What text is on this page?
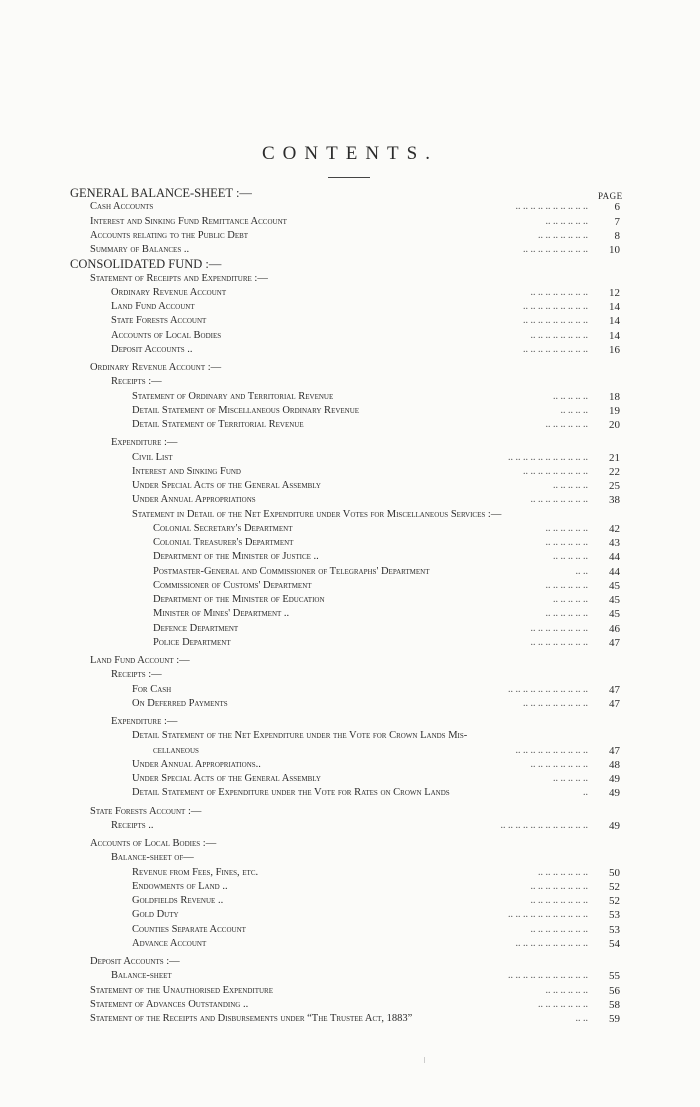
CONTENTS.
PAGE
GENERAL BALANCE-SHEET :—
Cash Accounts	.. .. .. .. .. .. .. .. .. ..	6
Interest and Sinking Fund Remittance Account	.. .. .. .. .. ..	7
Accounts relating to the Public Debt	.. .. .. .. .. .. ..	8
Summary of Balances ..	.. .. .. .. .. .. .. .. ..	10
CONSOLIDATED FUND :—
Statement of Receipts and Expenditure :—
Ordinary Revenue Account	.. .. .. .. .. .. .. ..	12
Land Fund Account	.. .. .. .. .. .. .. .. ..	14
State Forests Account	.. .. .. .. .. .. .. .. ..	14
Accounts of Local Bodies	.. .. .. .. .. .. .. ..	14
Deposit Accounts ..	.. .. .. .. .. .. .. .. ..	16
Ordinary Revenue Account :—
Receipts :—
Statement of Ordinary and Territorial Revenue	.. .. .. .. ..	18
Detail Statement of Miscellaneous Ordinary Revenue	.. .. .. ..	19
Detail Statement of Territorial Revenue	.. .. .. .. .. ..	20
Expenditure :—
Civil List	.. .. .. .. .. .. .. .. .. .. ..	21
Interest and Sinking Fund	.. .. .. .. .. .. .. .. ..	22
Under Special Acts of the General Assembly	.. .. .. .. ..	25
Under Annual Appropriations	.. .. .. .. .. .. .. ..	38
Statement in Detail of the Net Expenditure under Votes for Miscellaneous Services :—
Colonial Secretary's Department	.. .. .. .. .. ..	42
Colonial Treasurer's Department	.. .. .. .. .. ..	43
Department of the Minister of Justice ..	.. .. .. .. ..	44
Postmaster-General and Commissioner of Telegraphs' Department	.. ..	44
Commissioner of Customs' Department	.. .. .. .. .. ..	45
Department of the Minister of Education	.. .. .. .. ..	45
Minister of Mines' Department ..	.. .. .. .. .. ..	45
Defence Department	.. .. .. .. .. .. .. ..	46
Police Department	.. .. .. .. .. .. .. ..	47
Land Fund Account :—
Receipts :—
For Cash	.. .. .. .. .. .. .. .. .. .. ..	47
On Deferred Payments	.. .. .. .. .. .. .. .. ..	47
Expenditure :—
Detail Statement of the Net Expenditure under the Vote for Crown Lands Mis-
cellaneous	.. .. .. .. .. .. .. .. .. ..	47
Under Annual Appropriations..	.. .. .. .. .. .. .. ..	48
Under Special Acts of the General Assembly	.. .. .. .. ..	49
Detail Statement of Expenditure under the Vote for Rates on Crown Lands	..	49
State Forests Account :—
Receipts ..	.. .. .. .. .. .. .. .. .. .. .. ..	49
Accounts of Local Bodies :—
Balance-sheet of—
Revenue from Fees, Fines, etc.	.. .. .. .. .. .. ..	50
Endowments of Land ..	.. .. .. .. .. .. .. ..	52
Goldfields Revenue ..	.. .. .. .. .. .. .. ..	52
Gold Duty	.. .. .. .. .. .. .. .. .. .. ..	53
Counties Separate Account	.. .. .. .. .. .. .. ..	53
Advance Account	.. .. .. .. .. .. .. .. .. ..	54
Deposit Accounts :—
Balance-sheet	.. .. .. .. .. .. .. .. .. .. ..	55
Statement of the Unauthorised Expenditure	.. .. .. .. .. ..	56
Statement of Advances Outstanding ..	.. .. .. .. .. .. ..	58
Statement of the Receipts and Disbursements under “The Trustee Act, 1883”	.. ..	59
